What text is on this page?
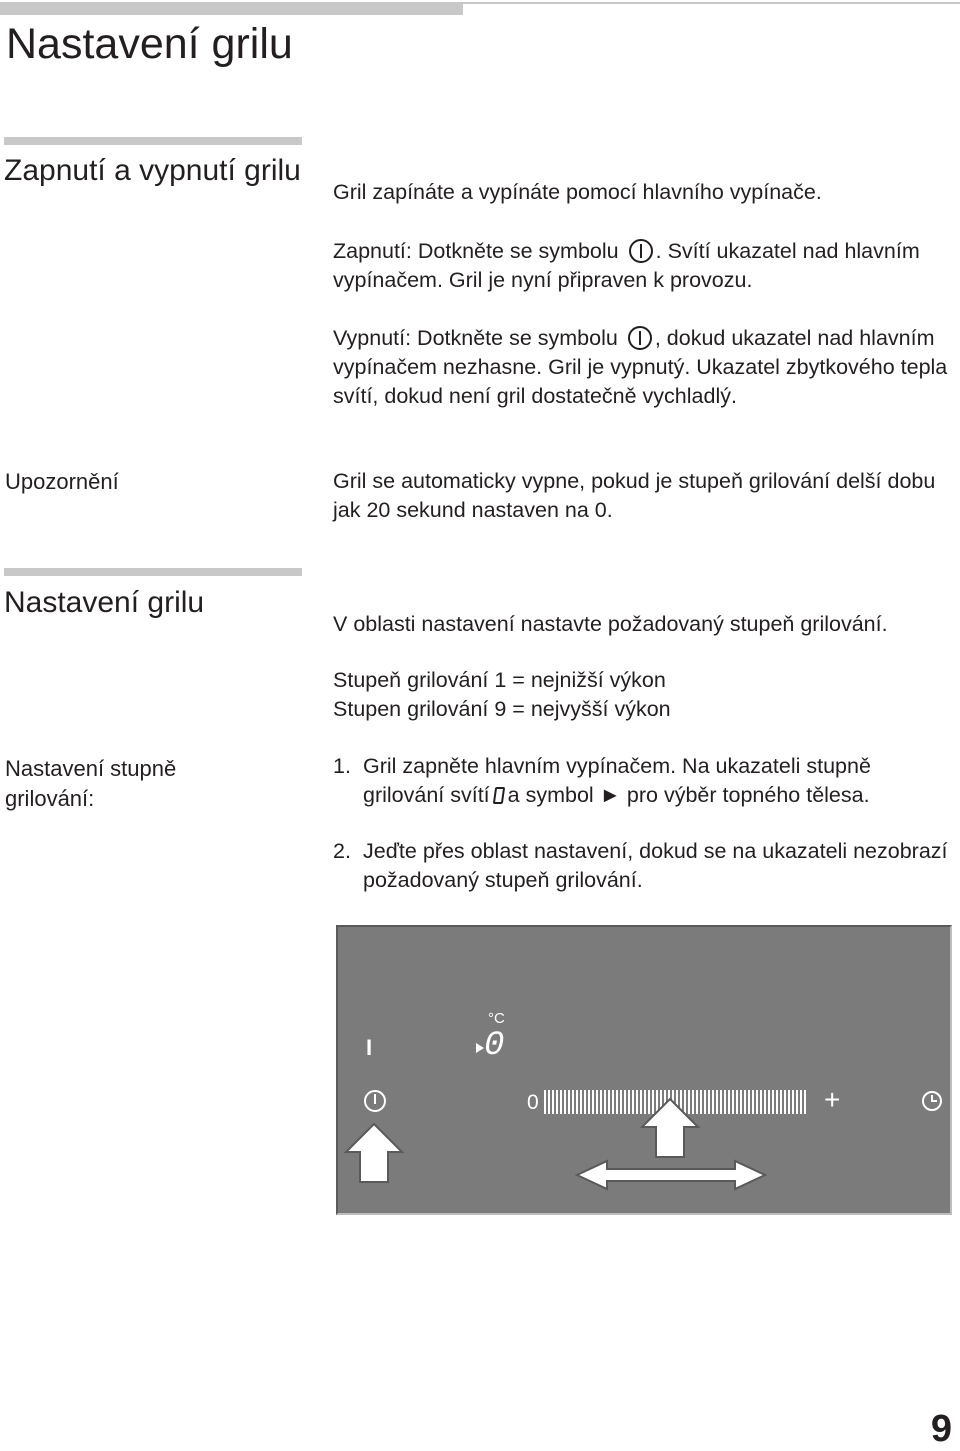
Nastavení grilu
Zapnutí a vypnutí grilu

Gril zapínáte a vypínáte pomocí hlavního vypínače.

Zapnutí: Dotkněte se symbolu . Svítí ukazatel nad hlavním vypínačem. Gril je nyní připraven k provozu.

Vypnutí: Dotkněte se symbolu , dokud ukazatel nad hlavním vypínačem nezhasne. Gril je vypnutý. Ukazatel zbytkového tepla svítí, dokud není gril dostatečně vychladlý.

Upozornění	Gril se automaticky vypne, pokud je stupeň grilování delší dobu jak 20 sekund nastaven na 0.

Nastavení grilu

V oblasti nastavení nastavte požadovaný stupeň grilování.

Stupeň grilování 1 = nejnižší výkon

Stupen grilování 9 = nejvyšší výkon

Nastavení stupně grilování:
1. Gril zapněte hlavním vypínačem. Na ukazateli stupně grilování svítí a symbol ► pro výběr topného tělesa.
2. Jeďte přes oblast nastavení, dokud se na ukazateli nezobrazí požadovaný stupeň grilování.
I
°C
0
0	+
9
